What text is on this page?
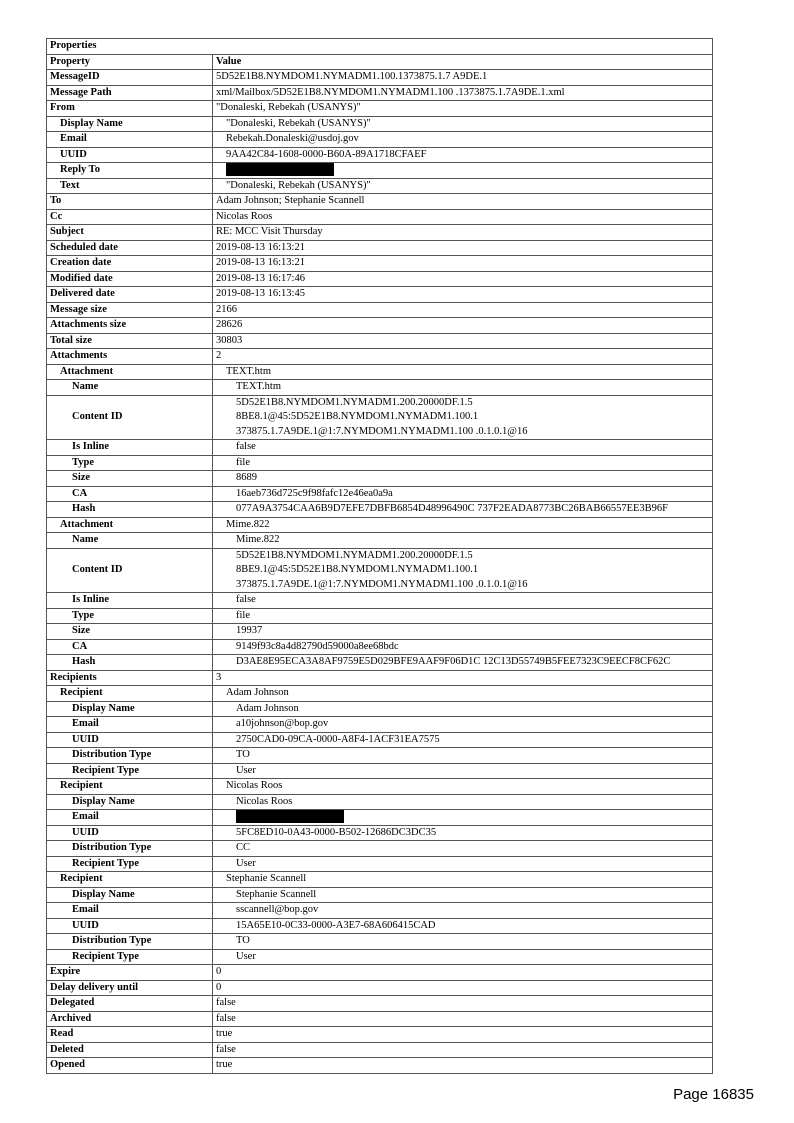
Properties	
Property	Value
MessageID	5D52E1B8.NYMDOM1.NYMADM1.100.1373875.1.7 A9DE.1
Message Path	xml/Mailbox/5D52E1B8.NYMDOM1.NYMADM1.100 .1373875.1.7A9DE.1.xml
From	"Donaleski, Rebekah (USANYS)"
Display Name	"Donaleski, Rebekah (USANYS)"
Email	Rebekah.Donaleski@usdoj.gov
UUID	9AA42C84-1608-0000-B60A-89A1718CFAEF
Reply To	
Text	"Donaleski, Rebekah (USANYS)"
To	Adam Johnson; Stephanie Scannell
Cc	Nicolas Roos
Subject	RE: MCC Visit Thursday
Scheduled date	2019-08-13 16:13:21
Creation date	2019-08-13 16:13:21
Modified date	2019-08-13 16:17:46
Delivered date	2019-08-13 16:13:45
Message size	2166
Attachments size	28626
Total size	30803
Attachments	2
Attachment	TEXT.htm
Name	TEXT.htm
Content ID	5D52E1B8.NYMDOM1.NYMADM1.200.20000DF.1.5
8BE8.1@45:5D52E1B8.NYMDOM1.NYMADM1.100.1
373875.1.7A9DE.1@1:7.NYMDOM1.NYMADM1.100 .0.1.0.1@16
Is Inline	false
Type	file
Size	8689
CA	16aeb736d725c9f98fafc12e46ea0a9a
Hash	077A9A3754CAA6B9D7EFE7DBFB6854D48996490C 737F2EADA8773BC26BAB66557EE3B96F
Attachment	Mime.822
Name	Mime.822
Content ID	5D52E1B8.NYMDOM1.NYMADM1.200.20000DF.1.5
8BE9.1@45:5D52E1B8.NYMDOM1.NYMADM1.100.1
373875.1.7A9DE.1@1:7.NYMDOM1.NYMADM1.100 .0.1.0.1@16
Is Inline	false
Type	file
Size	19937
CA	9149f93c8a4d82790d59000a8ee68bdc
Hash	D3AE8E95ECA3A8AF9759E5D029BFE9AAF9F06D1C 12C13D55749B5FEE7323C9EECF8CF62C
Recipients	3
Recipient	Adam Johnson
Display Name	Adam Johnson
Email	a10johnson@bop.gov
UUID	2750CAD0-09CA-0000-A8F4-1ACF31EA7575
Distribution Type	TO
Recipient Type	User
Recipient	Nicolas Roos
Display Name	Nicolas Roos
Email	
UUID	5FC8ED10-0A43-0000-B502-12686DC3DC35
Distribution Type	CC
Recipient Type	User
Recipient	Stephanie Scannell
Display Name	Stephanie Scannell
Email	sscannell@bop.gov
UUID	15A65E10-0C33-0000-A3E7-68A606415CAD
Distribution Type	TO
Recipient Type	User
Expire	0
Delay delivery until	0
Delegated	false
Archived	false
Read	true
Deleted	false
Opened	true
Page 16835
